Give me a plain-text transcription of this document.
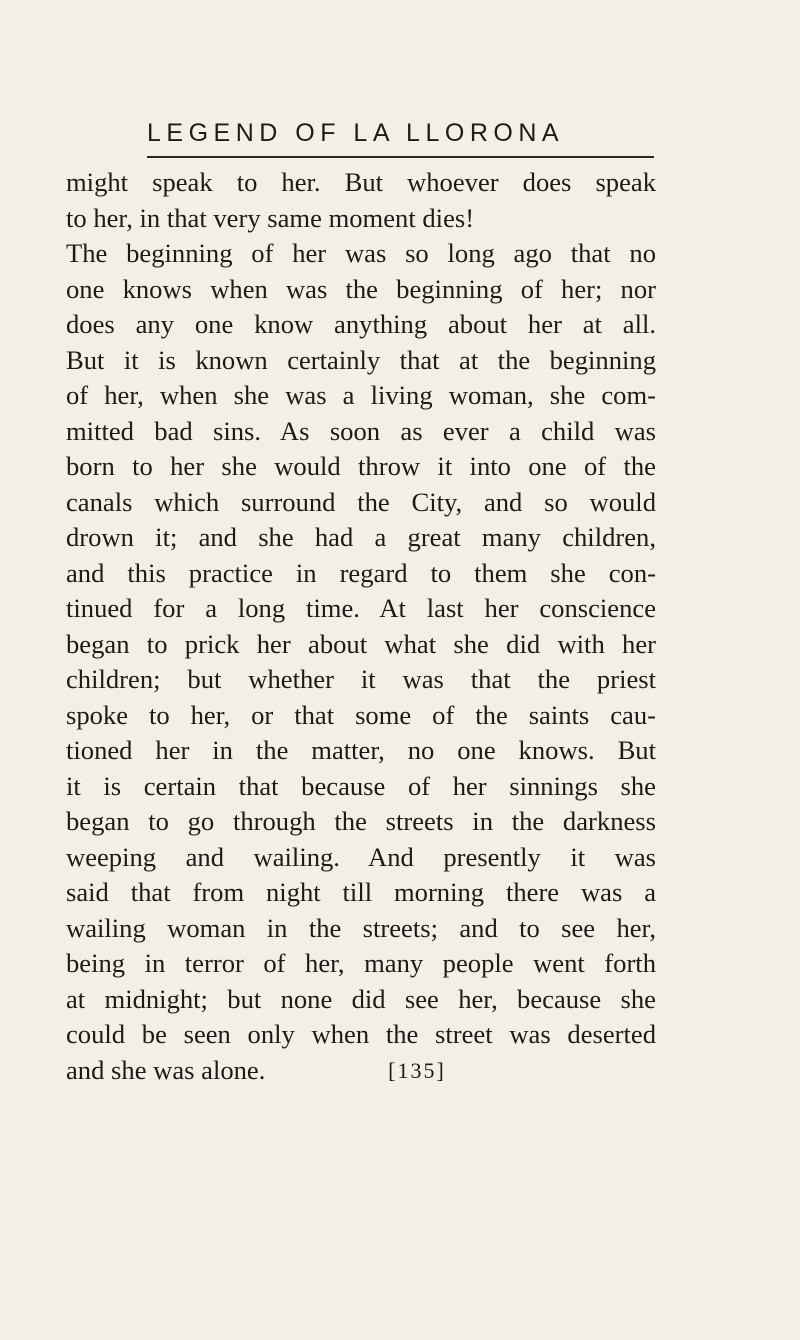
LEGEND OF LA LLORONA
might speak to her. But whoever does speak
to her, in that very same moment dies!
The beginning of her was so long ago that no
one knows when was the beginning of her; nor
does any one know anything about her at all.
But it is known certainly that at the beginning
of her, when she was a living woman, she com-
mitted bad sins. As soon as ever a child was
born to her she would throw it into one of the
canals which surround the City, and so would
drown it; and she had a great many children,
and this practice in regard to them she con-
tinued for a long time. At last her conscience
began to prick her about what she did with her
children; but whether it was that the priest
spoke to her, or that some of the saints cau-
tioned her in the matter, no one knows. But
it is certain that because of her sinnings she
began to go through the streets in the darkness
weeping and wailing. And presently it was
said that from night till morning there was a
wailing woman in the streets; and to see her,
being in terror of her, many people went forth
at midnight; but none did see her, because she
could be seen only when the street was deserted
and she was alone.	[135]
